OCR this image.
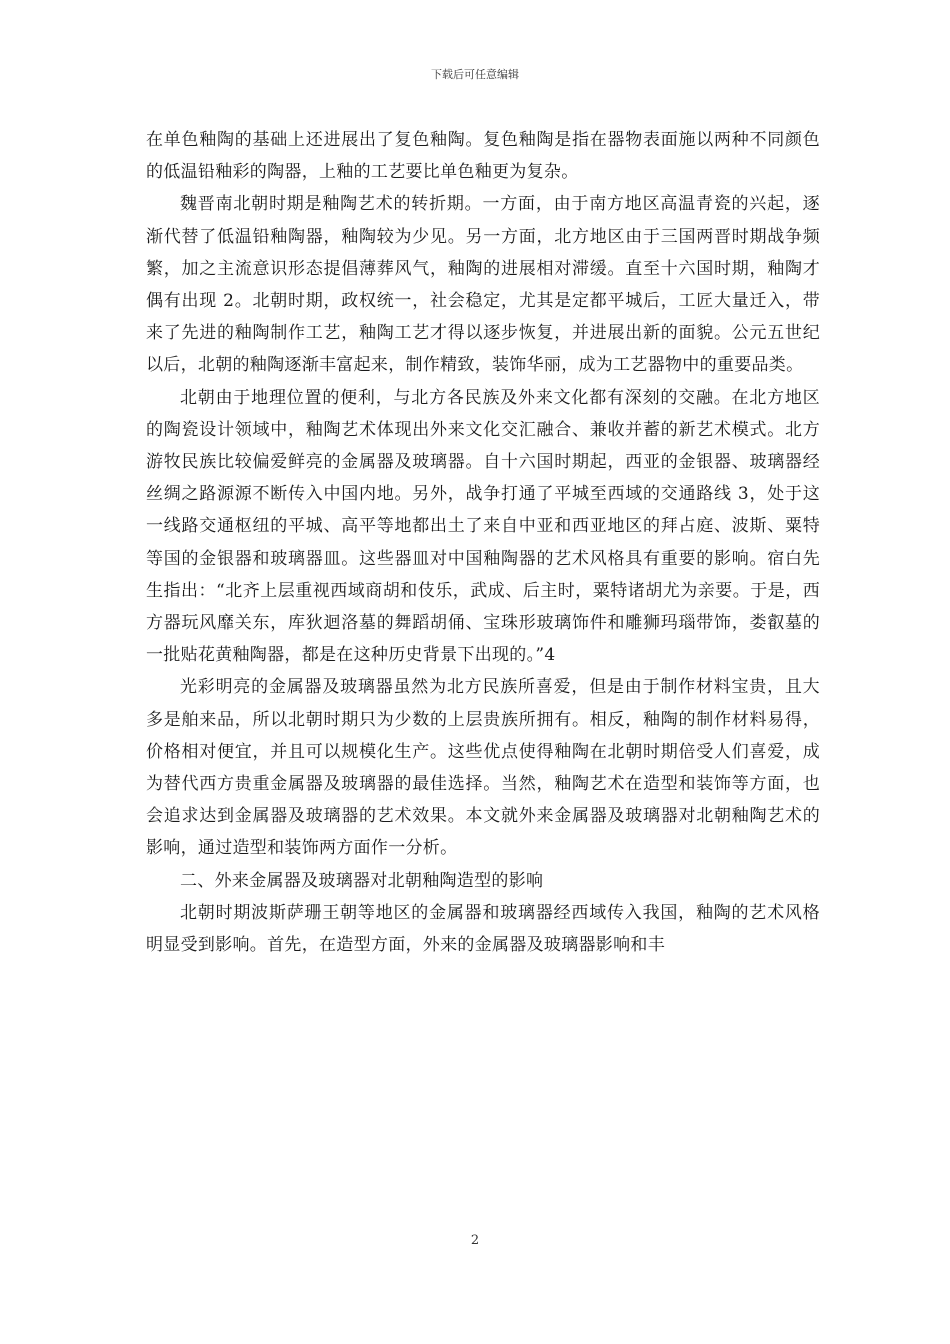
下载后可任意编辑

在单色釉陶的基础上还进展出了复色釉陶。复色釉陶是指在器物表面施以两种不同颜色的低温铅釉彩的陶器，上釉的工艺要比单色釉更为复杂。

魏晋南北朝时期是釉陶艺术的转折期。一方面，由于南方地区高温青瓷的兴起，逐渐代替了低温铅釉陶器，釉陶较为少见。另一方面，北方地区由于三国两晋时期战争频繁，加之主流意识形态提倡薄葬风气，釉陶的进展相对滞缓。直至十六国时期，釉陶才偶有出现 2。北朝时期，政权统一，社会稳定，尤其是定都平城后，工匠大量迁入，带来了先进的釉陶制作工艺，釉陶工艺才得以逐步恢复，并进展出新的面貌。公元五世纪以后，北朝的釉陶逐渐丰富起来，制作精致，装饰华丽，成为工艺器物中的重要品类。

北朝由于地理位置的便利，与北方各民族及外来文化都有深刻的交融。在北方地区的陶瓷设计领域中，釉陶艺术体现出外来文化交汇融合、兼收并蓄的新艺术模式。北方游牧民族比较偏爱鲜亮的金属器及玻璃器。自十六国时期起，西亚的金银器、玻璃器经丝绸之路源源不断传入中国内地。另外，战争打通了平城至西域的交通路线 3，处于这一线路交通枢纽的平城、高平等地都出土了来自中亚和西亚地区的拜占庭、波斯、粟特等国的金银器和玻璃器皿。这些器皿对中国釉陶器的艺术风格具有重要的影响。宿白先生指出：“北齐上层重视西域商胡和伎乐，武成、后主时，粟特诸胡尤为亲要。于是，西方器玩风靡关东，库狄迴洛墓的舞蹈胡俑、宝珠形玻璃饰件和雕狮玛瑙带饰，娄叡墓的一批贴花黄釉陶器，都是在这种历史背景下出现的。”4

光彩明亮的金属器及玻璃器虽然为北方民族所喜爱，但是由于制作材料宝贵，且大多是舶来品，所以北朝时期只为少数的上层贵族所拥有。相反，釉陶的制作材料易得，价格相对便宜，并且可以规模化生产。这些优点使得釉陶在北朝时期倍受人们喜爱，成为替代西方贵重金属器及玻璃器的最佳选择。当然，釉陶艺术在造型和装饰等方面，也会追求达到金属器及玻璃器的艺术效果。本文就外来金属器及玻璃器对北朝釉陶艺术的影响，通过造型和装饰两方面作一分析。

二、外来金属器及玻璃器对北朝釉陶造型的影响

北朝时期波斯萨珊王朝等地区的金属器和玻璃器经西域传入我国，釉陶的艺术风格明显受到影响。首先，在造型方面，外来的金属器及玻璃器影响和丰

2
